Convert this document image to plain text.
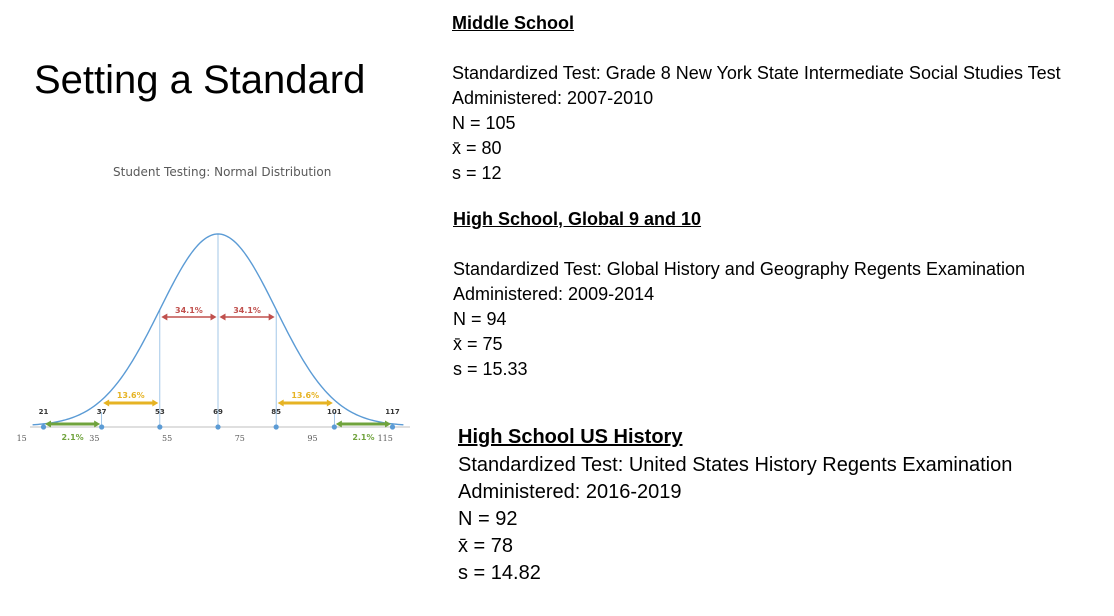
Setting a Standard
Student Testing: Normal Distribution
21	37	53	69	85	101	117
15	35	55	75	95	115
34.1%	34.1%
13.6%	13.6%
2.1%	2.1%
Middle School
Standardized Test: Grade 8 New York State Intermediate Social Studies Test
Administered: 2007-2010
N = 105
x̄ = 80
s = 12
High School, Global 9 and 10
Standardized Test: Global History and Geography Regents Examination
Administered: 2009-2014
N = 94
x̄ = 75
s = 15.33
High School US History
Standardized Test: United States History Regents Examination
Administered: 2016-2019
N = 92
x̄ = 78
s = 14.82
